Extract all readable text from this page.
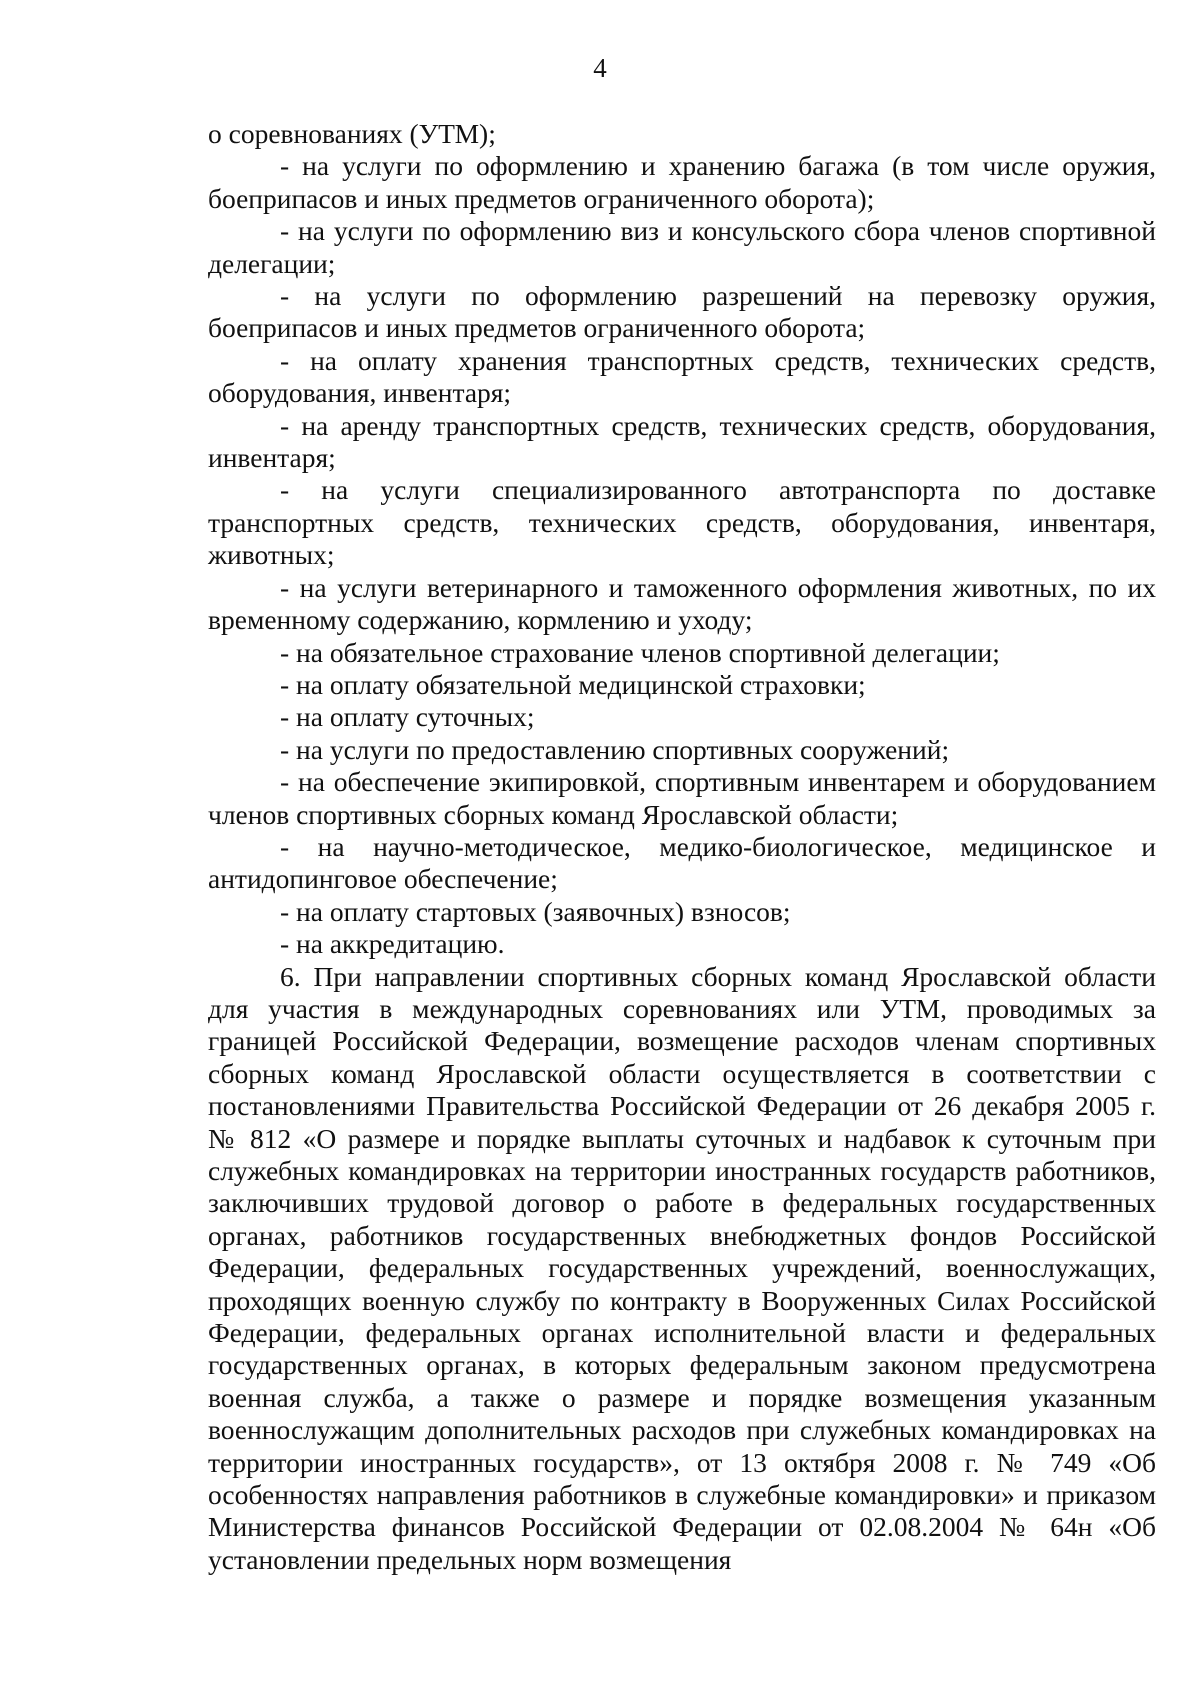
4

о соревнованиях (УТМ);

- на услуги по оформлению и хранению багажа (в том числе оружия, боеприпасов и иных предметов ограниченного оборота);

- на услуги по оформлению виз и консульского сбора членов спортивной делегации;

- на услуги по оформлению разрешений на перевозку оружия, боеприпасов и иных предметов ограниченного оборота;

- на оплату хранения транспортных средств, технических средств, оборудования, инвентаря;

- на аренду транспортных средств, технических средств, оборудования, инвентаря;

- на услуги специализированного автотранспорта по доставке транспортных средств, технических средств, оборудования, инвентаря, животных;

- на услуги ветеринарного и таможенного оформления животных, по их временному содержанию, кормлению и уходу;

- на обязательное страхование членов спортивной делегации;

- на оплату обязательной медицинской страховки;

- на оплату суточных;

- на услуги по предоставлению спортивных сооружений;

- на обеспечение экипировкой, спортивным инвентарем и оборудованием членов спортивных сборных команд Ярославской области;

- на научно-методическое, медико-биологическое, медицинское и антидопинговое обеспечение;

- на оплату стартовых (заявочных) взносов;

- на аккредитацию.

6. При направлении спортивных сборных команд Ярославской области для участия в международных соревнованиях или УТМ, проводимых за границей Российской Федерации, возмещение расходов членам спортивных сборных команд Ярославской области осуществляется в соответствии с постановлениями Правительства Российской Федерации от 26 декабря 2005 г. № 812 «О размере и порядке выплаты суточных и надбавок к суточным при служебных командировках на территории иностранных государств работников, заключивших трудовой договор о работе в федеральных государственных органах, работников государственных внебюджетных фондов Российской Федерации, федеральных государственных учреждений, военнослужащих, проходящих военную службу по контракту в Вооруженных Силах Российской Федерации, федеральных органах исполнительной власти и федеральных государственных органах, в которых федеральным законом предусмотрена военная служба, а также о размере и порядке возмещения указанным военнослужащим дополнительных расходов при служебных командировках на территории иностранных государств», от 13 октября 2008 г. № 749 «Об особенностях направления работников в служебные командировки» и приказом Министерства финансов Российской Федерации от 02.08.2004 № 64н «Об установлении предельных норм возмещения
